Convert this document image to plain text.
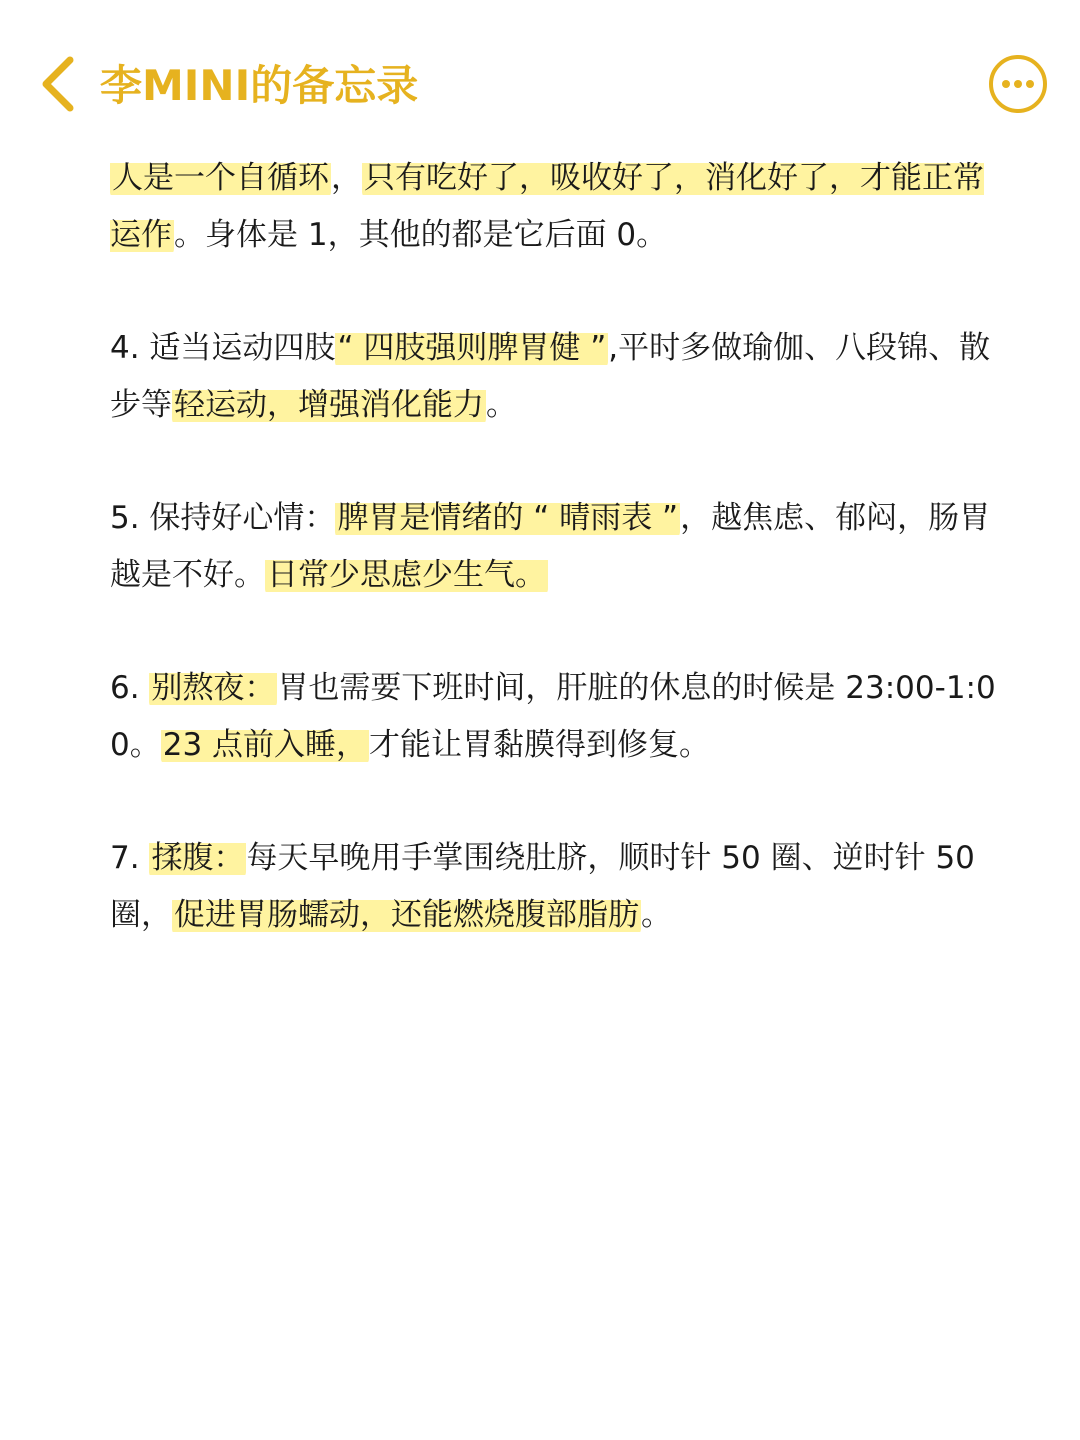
李MINI的备忘录

人是一个自循环，只有吃好了，吸收好了，消化好了，才能正常运作。身体是 1，其他的都是它后面 0。

4. 适当运动四肢“ 四肢强则脾胃健 ”,平时多做瑜伽、八段锦、散步等轻运动，增强消化能力。

5. 保持好心情：脾胃是情绪的 “ 晴雨表 ”，越焦虑、郁闷，肠胃越是不好。日常少思虑少生气。

6. 别熬夜：胃也需要下班时间，肝脏的休息的时候是 23:00-1:00。23 点前入睡，才能让胃黏膜得到修复。

7. 揉腹：每天早晚用手掌围绕肚脐，顺时针 50 圈、逆时针 50 圈，促进胃肠蠕动，还能燃烧腹部脂肪。
